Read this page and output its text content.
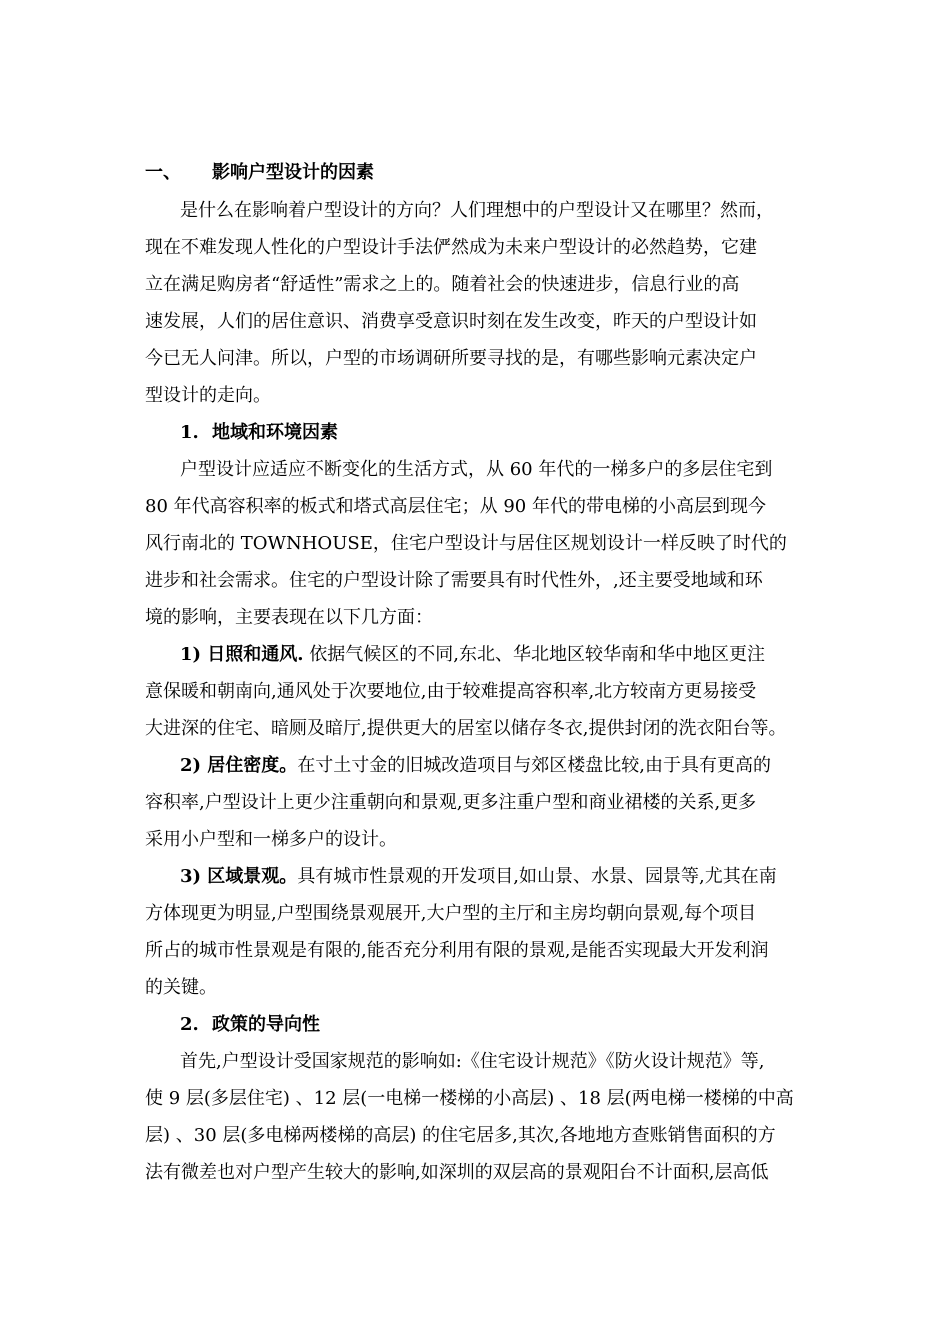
一、 影响户型设计的因素
是什么在影响着户型设计的方向？人们理想中的户型设计又在哪里？然而，
现在不难发现人性化的户型设计手法俨然成为未来户型设计的必然趋势，它建
立在满足购房者“舒适性”需求之上的。随着社会的快速进步，信息行业的高
速发展，人们的居住意识、消费享受意识时刻在发生改变，昨天的户型设计如
今已无人问津。所以，户型的市场调研所要寻找的是，有哪些影响元素决定户
型设计的走向。
1. 地域和环境因素
户型设计应适应不断变化的生活方式，从 60 年代的一梯多户的多层住宅到
80 年代高容积率的板式和塔式高层住宅；从 90 年代的带电梯的小高层到现今
风行南北的 TOWNHOUSE，住宅户型设计与居住区规划设计一样反映了时代的
进步和社会需求。住宅的户型设计除了需要具有时代性外，,还主要受地域和环
境的影响，主要表现在以下几方面：
1) 日照和通风. 依据气候区的不同,东北、华北地区较华南和华中地区更注
意保暖和朝南向,通风处于次要地位,由于较难提高容积率,北方较南方更易接受
大进深的住宅、暗厕及暗厅,提供更大的居室以储存冬衣,提供封闭的洗衣阳台等。
2) 居住密度。在寸土寸金的旧城改造项目与郊区楼盘比较,由于具有更高的
容积率,户型设计上更少注重朝向和景观,更多注重户型和商业裙楼的关系,更多
采用小户型和一梯多户的设计。
3) 区域景观。具有城市性景观的开发项目,如山景、水景、园景等,尤其在南
方体现更为明显,户型围绕景观展开,大户型的主厅和主房均朝向景观,每个项目
所占的城市性景观是有限的,能否充分利用有限的景观,是能否实现最大开发利润
的关键。
2. 政策的导向性
首先,户型设计受国家规范的影响如:《住宅设计规范》《防火设计规范》等,
使 9 层(多层住宅) 、12 层(一电梯一楼梯的小高层) 、18 层(两电梯一楼梯的中高
层) 、30 层(多电梯两楼梯的高层) 的住宅居多,其次,各地地方查账销售面积的方
法有微差也对户型产生较大的影响,如深圳的双层高的景观阳台不计面积,层高低
